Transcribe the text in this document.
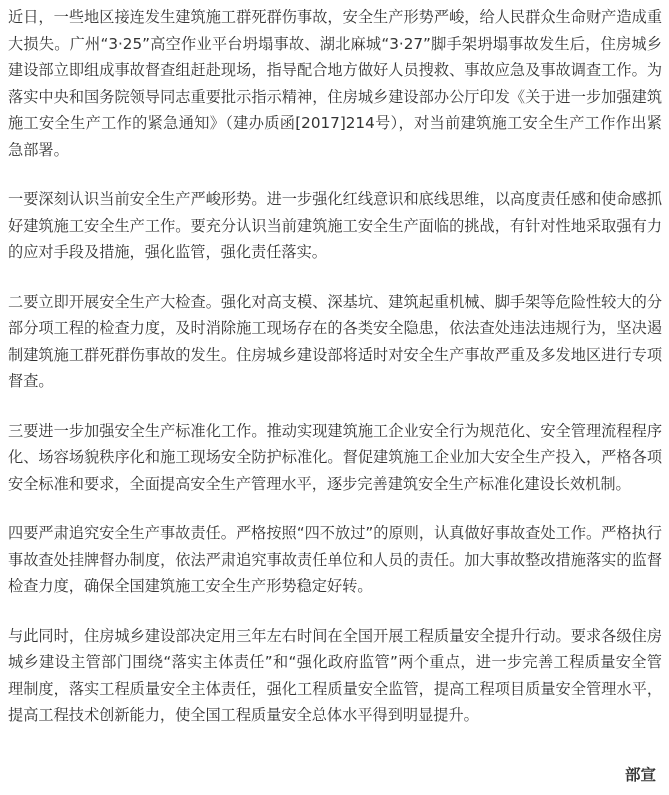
近日，一些地区接连发生建筑施工群死群伤事故，安全生产形势严峻，给人民群众生命财产造成重大损失。广州“3·25”高空作业平台坍塌事故、湖北麻城“3·27”脚手架坍塌事故发生后，住房城乡建设部立即组成事故督查组赶赴现场，指导配合地方做好人员搜救、事故应急及事故调查工作。为落实中央和国务院领导同志重要批示指示精神，住房城乡建设部办公厅印发《关于进一步加强建筑施工安全生产工作的紧急通知》（建办质函[2017]214号），对当前建筑施工安全生产工作作出紧急部署。

一要深刻认识当前安全生产严峻形势。进一步强化红线意识和底线思维，以高度责任感和使命感抓好建筑施工安全生产工作。要充分认识当前建筑施工安全生产面临的挑战，有针对性地采取强有力的应对手段及措施，强化监管，强化责任落实。

二要立即开展安全生产大检查。强化对高支模、深基坑、建筑起重机械、脚手架等危险性较大的分部分项工程的检查力度，及时消除施工现场存在的各类安全隐患，依法查处违法违规行为，坚决遏制建筑施工群死群伤事故的发生。住房城乡建设部将适时对安全生产事故严重及多发地区进行专项督查。

三要进一步加强安全生产标准化工作。推动实现建筑施工企业安全行为规范化、安全管理流程程序化、场容场貌秩序化和施工现场安全防护标准化。督促建筑施工企业加大安全生产投入，严格各项安全标准和要求，全面提高安全生产管理水平，逐步完善建筑安全生产标准化建设长效机制。

四要严肃追究安全生产事故责任。严格按照“四不放过”的原则，认真做好事故查处工作。严格执行事故查处挂牌督办制度，依法严肃追究事故责任单位和人员的责任。加大事故整改措施落实的监督检查力度，确保全国建筑施工安全生产形势稳定好转。

与此同时，住房城乡建设部决定用三年左右时间在全国开展工程质量安全提升行动。要求各级住房城乡建设主管部门围绕“落实主体责任”和“强化政府监管”两个重点，进一步完善工程质量安全管理制度，落实工程质量安全主体责任，强化工程质量安全监管，提高工程项目质量安全管理水平，提高工程技术创新能力，使全国工程质量安全总体水平得到明显提升。

部宣
